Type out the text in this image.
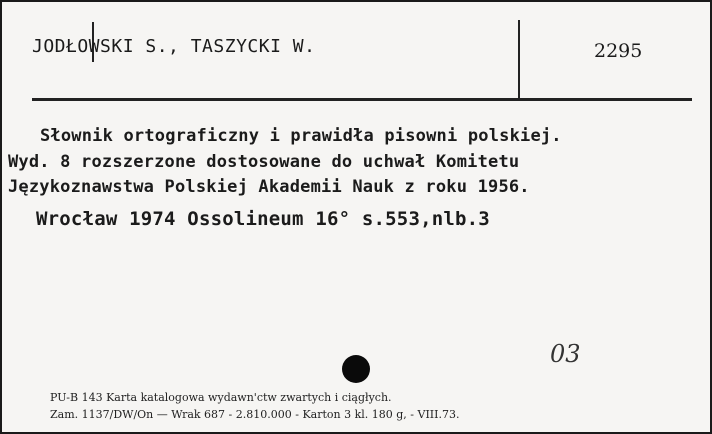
JODŁOWSKI S., TASZYCKI W.	2295
Słownik ortograficzny i prawidła pisowni polskiej.
Wyd. 8 rozszerzone dostosowane do uchwał Komitetu
Językoznawstwa Polskiej Akademii Nauk z roku 1956.
Wrocław 1974 Ossolineum 16° s.553,nlb.3
03
PU-B 143 Karta katalogowa wydawn'ctw zwartych i ciągłych.
Zam. 1137/DW/On — Wrak 687 - 2.810.000 - Karton 3 kl. 180 g, - VIII.73.
